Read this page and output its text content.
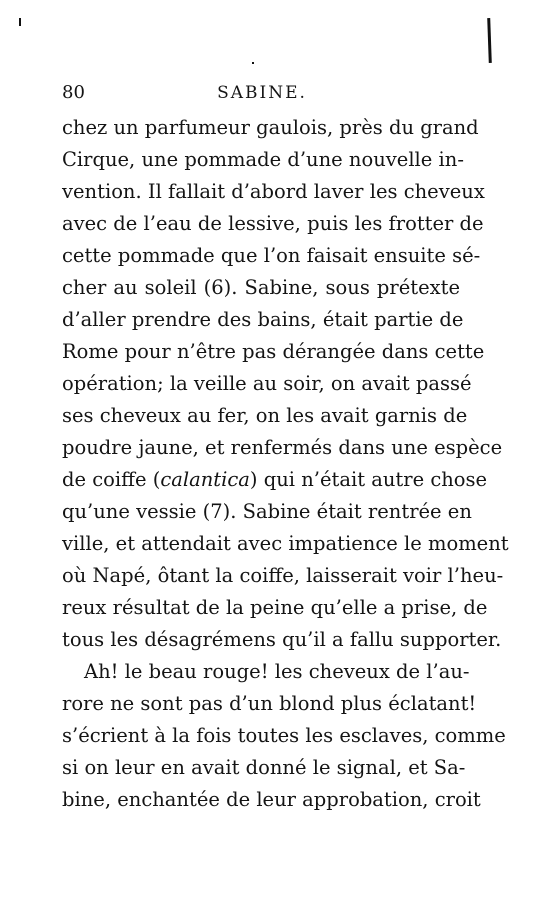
80	SABINE.
chez un parfumeur gaulois, près du grand
Cirque, une pommade d’une nouvelle in-
vention. Il fallait d’abord laver les cheveux
avec de l’eau de lessive, puis les frotter de
cette pommade que l’on faisait ensuite sé-
cher au soleil (6). Sabine, sous prétexte
d’aller prendre des bains, était partie de
Rome pour n’être pas dérangée dans cette
opération; la veille au soir, on avait passé
ses cheveux au fer, on les avait garnis de
poudre jaune, et renfermés dans une espèce
de coiffe (calantica) qui n’était autre chose
qu’une vessie (7). Sabine était rentrée en
ville, et attendait avec impatience le moment
où Napé, ôtant la coiffe, laisserait voir l’heu-
reux résultat de la peine qu’elle a prise, de
tous les désagrémens qu’il a fallu supporter.
Ah! le beau rouge! les cheveux de l’au-
rore ne sont pas d’un blond plus éclatant!
s’écrient à la fois toutes les esclaves, comme
si on leur en avait donné le signal, et Sa-
bine, enchantée de leur approbation, croit
